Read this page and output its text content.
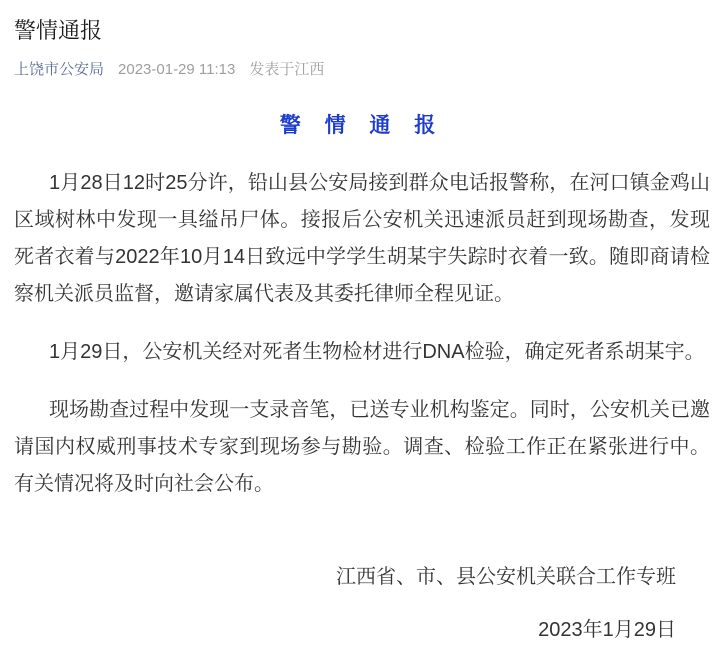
警情通报
上饶市公安局 2023-01-29 11:13 发表于江西
警 情 通 报

1月28日12时25分许，铅山县公安局接到群众电话报警称，在河口镇金鸡山区域树林中发现一具缢吊尸体。接报后公安机关迅速派员赶到现场勘查，发现死者衣着与2022年10月14日致远中学学生胡某宇失踪时衣着一致。随即商请检察机关派员监督，邀请家属代表及其委托律师全程见证。

1月29日，公安机关经对死者生物检材进行DNA检验，确定死者系胡某宇。

现场勘查过程中发现一支录音笔，已送专业机构鉴定。同时，公安机关已邀请国内权威刑事技术专家到现场参与勘验。调查、检验工作正在紧张进行中。有关情况将及时向社会公布。

江西省、市、县公安机关联合工作专班

2023年1月29日
